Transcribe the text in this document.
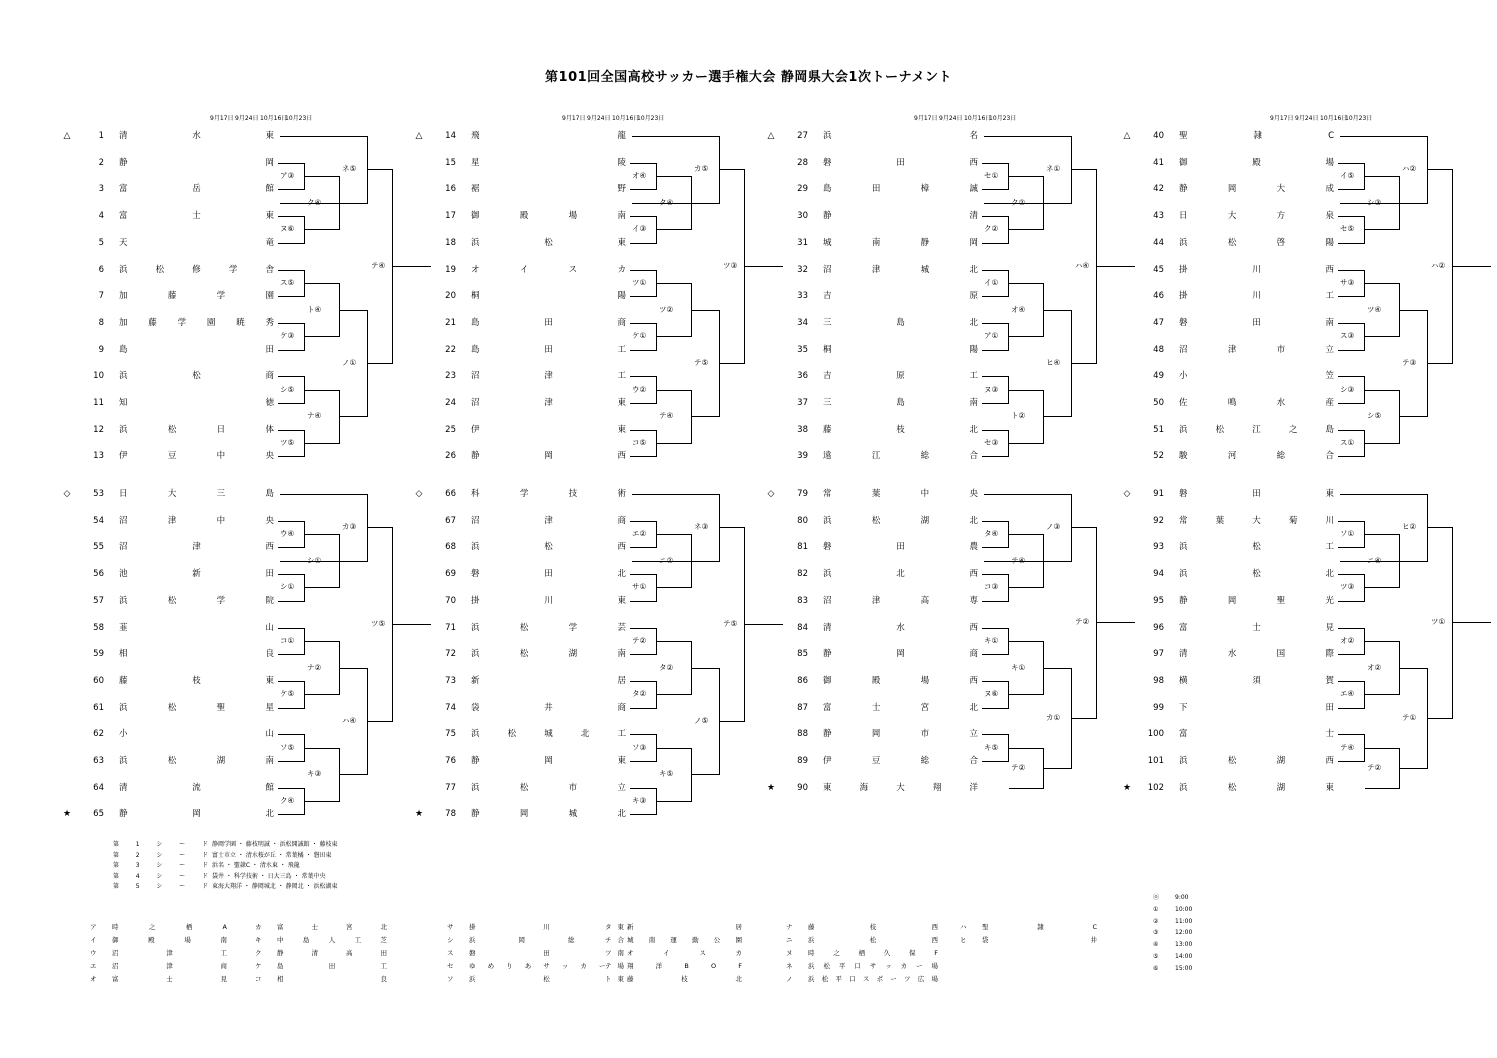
第101回全国高校サッカー選手権大会 静岡県大会1次トーナメント
9月17日 9月24日 10月16日10月23日	9月17日 9月24日 10月16日10月23日	9月17日 9月24日 10月16日10月23日	9月17日 9月24日 10月16日10月23日
△	1 清	水	東
2 静	岡
3 富	岳	館
4 富	士	東
5 天	竜
6 浜	松	修	学	舎
7 加	藤	学	園
8 加 藤 学 園 暁 秀
9 島	田
10 浜	松	商
11 知	徳
12 浜	松	日	体
13 伊	豆	中	央
ア③
ヌ⑥
ス⑤
ケ③
シ⑤
ツ⑤
ク④
ト④
ナ④
ネ⑤
ノ①
テ④
△	14 飛	龍
15 星	陵
16 裾	野
17 御	殿	場	南
18 浜	松	東
19 オ	イ	ス	カ
20 桐	陽
21 島	田	商
22 島	田	工
23 沼	津	工
24 沼	津	東
25 伊	東
26 静	岡	西
オ④
イ③
ツ①
ケ①
ウ②
コ⑤
タ④
ツ②
テ④
カ⑤
テ⑤
ツ③
△	27 浜	名
28 磐	田	西
29 島	田	樟	誠
30 静	清
31 城	南	静	岡
32 沼	津	城	北
33 吉	原
34 三	島	北
35 桐	陽
36 吉	原	工
37 三	島	南
38 藤	枝	北
39 遠	江	総	合
セ①
ク②
イ①
ア①
ヌ③
セ③
ク②
オ④
ト②
ネ①
ヒ④
ハ④
△	40 聖	隷	C
41 御	殿	場
42 静	岡	大	成
43 日	大	方	泉
44 浜	松	啓	陽
45 掛	川	西
46 掛	川	工
47 磐	田	南
48 沼	津	市	立
49 小	笠
50 佐	鳴	水	産
51 浜	松	江	之	島
52 駿	河	総	合
イ⑤
セ⑤
サ③
ス③
シ③
ス①
シ③
ツ④
シ⑤
ハ②
テ③
ハ②
◇	53 日	大	三	島
54 沼	津	中	央
55 沼	津	西
56 池	新	田
57 浜	松	学	院
58 韮	山
59 相	良
60 藤	枝	東
61 浜	松	聖	星
62 小	山
63 浜	松	湖	南
64 清	流	館
★	65 静	岡	北
ウ④
シ①
コ①
ケ⑤
ソ⑤
ク④
シ①
ナ②
キ③
カ③
ハ④
ツ⑤
◇	66 科	学	技	術
67 沼	津	商
68 浜	松	西
69 磐	田	北
70 掛	川	東
71 浜	松	学	芸
72 浜	松	湖	南
73 新	居
74 袋	井	商
75 浜	松	城	北	工
76 静	岡	東
77 浜	松	市	立
★	78 静	岡	城	北
エ②
サ①
テ②
タ②
ソ③
キ③
ニ②
タ②
キ⑤
ネ③
ノ⑤
テ⑤
◇	79 常	葉	中	央
80 浜	松	湖	北
81 磐	田	農
82 浜	北	西
83 沼	津	高	専
84 清	水	西
85 静	岡	商
86 御	殿	場	西
87 富	士	宮	北
88 静	岡	市	立
89 伊	豆	総	合
★	90 東	海	大	翔	洋
タ④
コ③
キ①
ヌ⑥
キ⑤
テ④
キ①
テ②
ノ③
カ①
テ②
◇	91 磐	田	東
92 常	葉	大	菊	川
93 浜	松	工
94 浜	松	北
95 静	岡	聖	光
96 富	士	見
97 清	水	国	際
98 横	須	賀
99 下	田
100 富	士
101 浜	松	湖	西
★	102 浜	松	湖	東
ソ①
ツ③
オ②
エ④
テ④
ニ④
オ②
テ②
ヒ②
テ①
ツ①
第	1	シ	ー	ド 静岡学園 ・ 藤枝明誠 ・ 浜松開誠館 ・ 藤枝東
第	2	シ	ー	ド 富士市立 ・ 清水桜が丘 ・ 常葉橘 ・ 磐田東
第	3	シ	ー	ド 浜名 ・ 聖隷C ・ 清水東 ・ 飛龍
第	4	シ	ー	ド 袋井 ・ 科学技術 ・ 日大三島 ・ 常葉中央
第	5	シ	ー	ド 東海大翔洋 ・ 静岡城北 ・ 静岡北 ・ 浜松湖東
ア	時	之	栖	A
イ	御	殿	場	南
ウ	沼	津	工
エ	沼	津	商
オ	富	士	見
カ	富	士	宮	北
キ	中	島	人	工	芝
ク	静	清	高	田
ケ	島	田	工
コ	相	良
サ	掛	川	東
シ	浜	岡	総	合
ス	磐	田	南
セ	ゆ め り あ サ ッ カ ー 場
ソ	浜	松	東
タ	新	居
チ	城 南 運 動 公 園
ツ	オ	イ	ス	カ
テ	翔	洋	B	O	F
ト	藤	枝	北
ナ	藤	枝	西
ニ	浜	松	西
ヌ	時	之	栖	久	保	F
ネ	浜 松 平 口 サ ッ カ ー 場
ノ	浜 松 平 口 ス ポ ー ツ 広 場
ハ	聖	隷	C
ヒ	袋	井
⓪	9:00
①	10:00
②	11:00
③	12:00
④	13:00
⑤	14:00
⑥	15:00
